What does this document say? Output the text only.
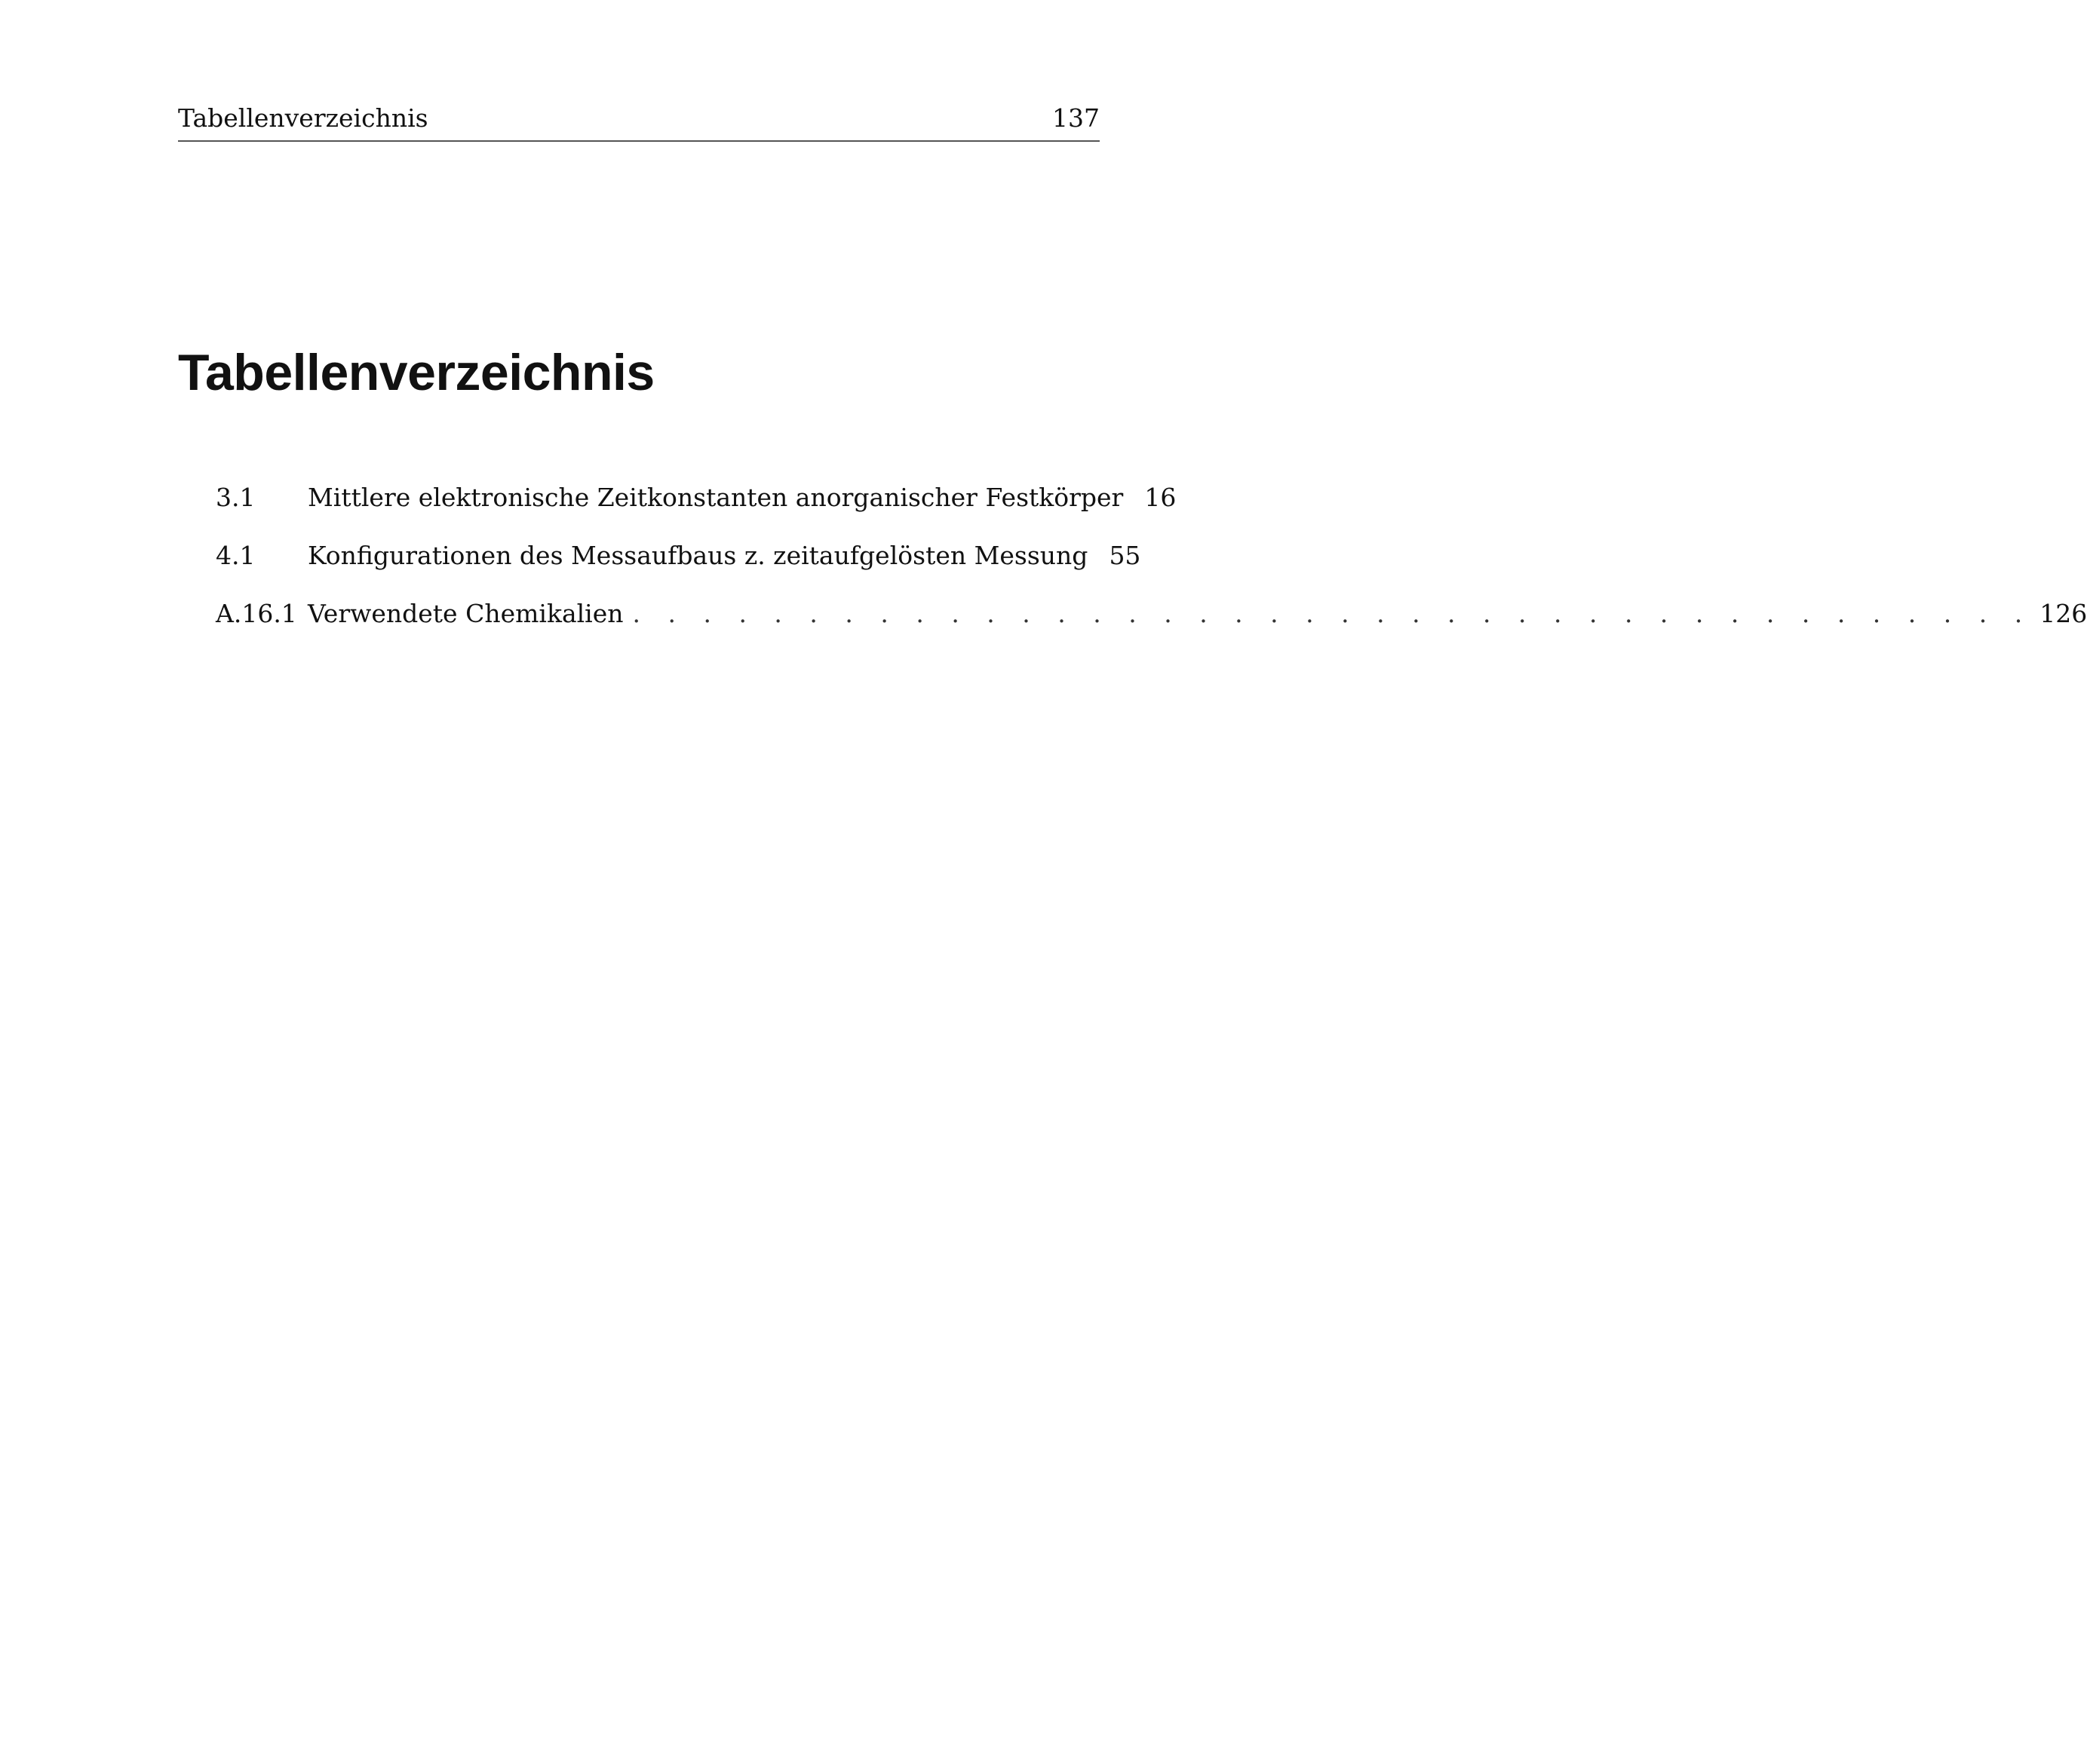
Tabellenverzeichnis	137
Tabellenverzeichnis
3.1	Mittlere elektronische Zeitkonstanten anorganischer Festkörper 16
4.1	Konfigurationen des Messaufbaus z. zeitaufgelösten Messung 55
A.16.1 Verwendete Chemikalien . . . . . . . . . . . . . . . . . . . . . . . . . . . . . . . . . . . . . . . . 126
